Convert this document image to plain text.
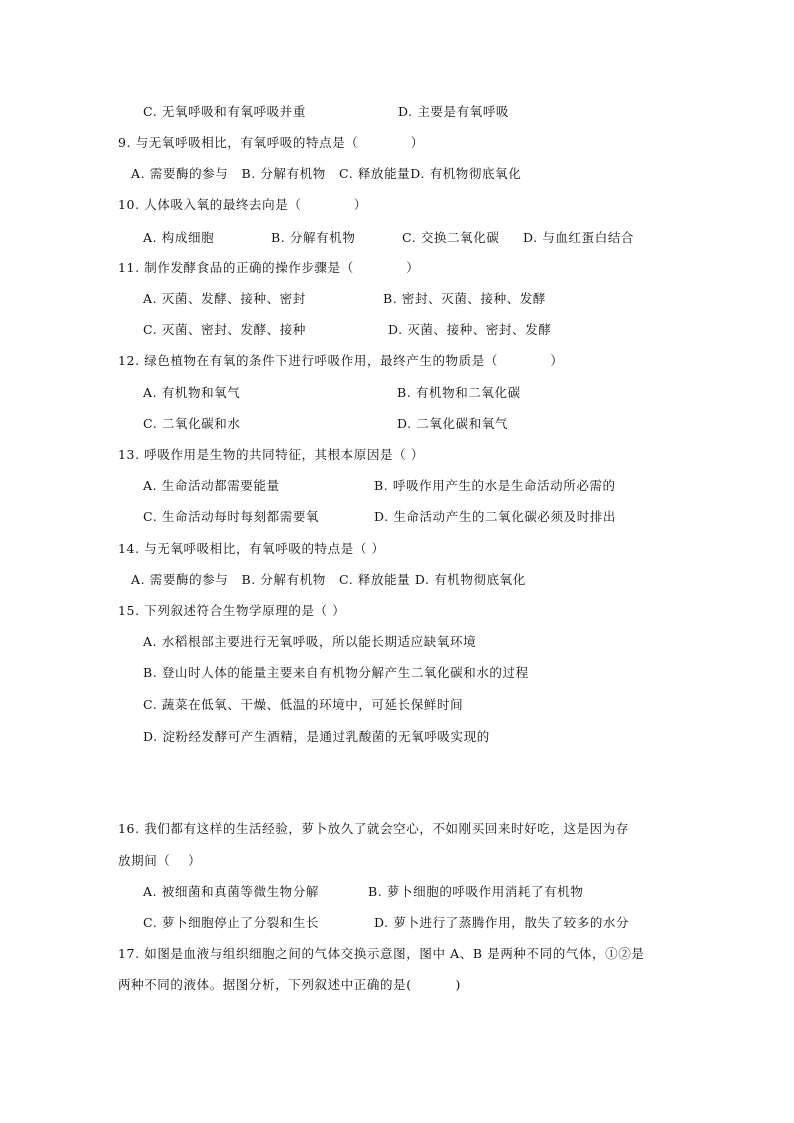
C. 无氧呼吸和有氧呼吸并重	D. 主要是有氧呼吸
9. 与无氧呼吸相比，有氧呼吸的特点是（　　　　）
A. 需要酶的参与　B. 分解有机物　C. 释放能量D. 有机物彻底氧化
10. 人体吸入氧的最终去向是（　　　　）
A. 构成细胞	B. 分解有机物	C. 交换二氧化碳 D. 与血红蛋白结合
11. 制作发酵食品的正确的操作步骤是（　　　　）
A. 灭菌、发酵、接种、密封	B. 密封、灭菌、接种、发酵
C. 灭菌、密封、发酵、接种	D. 灭菌、接种、密封、发酵
12. 绿色植物在有氧的条件下进行呼吸作用，最终产生的物质是（　　　　）
A. 有机物和氧气	B. 有机物和二氧化碳
C. 二氧化碳和水	D. 二氧化碳和氧气
13. 呼吸作用是生物的共同特征，其根本原因是（ ）
A. 生命活动都需要能量	B. 呼吸作用产生的水是生命活动所必需的
C. 生命活动每时每刻都需要氧	D. 生命活动产生的二氧化碳必须及时排出
14. 与无氧呼吸相比，有氧呼吸的特点是（ ）
A. 需要酶的参与　B. 分解有机物　C. 释放能量 D. 有机物彻底氧化
15. 下列叙述符合生物学原理的是（ ）
A. 水稻根部主要进行无氧呼吸，所以能长期适应缺氧环境
B. 登山时人体的能量主要来自有机物分解产生二氧化碳和水的过程
C. 蔬菜在低氧、干燥、低温的环境中，可延长保鲜时间
D. 淀粉经发酵可产生酒精，是通过乳酸菌的无氧呼吸实现的
16. 我们都有这样的生活经验，萝卜放久了就会空心，不如刚买回来时好吃，这是因为存
放期间（　 ）
A. 被细菌和真菌等微生物分解	B. 萝卜细胞的呼吸作用消耗了有机物
C. 萝卜细胞停止了分裂和生长	D. 萝卜进行了蒸腾作用，散失了较多的水分
17. 如图是血液与组织细胞之间的气体交换示意图，图中 A、B 是两种不同的气体，①②是
两种不同的液体。据图分析，下列叙述中正确的是(　　　 )
